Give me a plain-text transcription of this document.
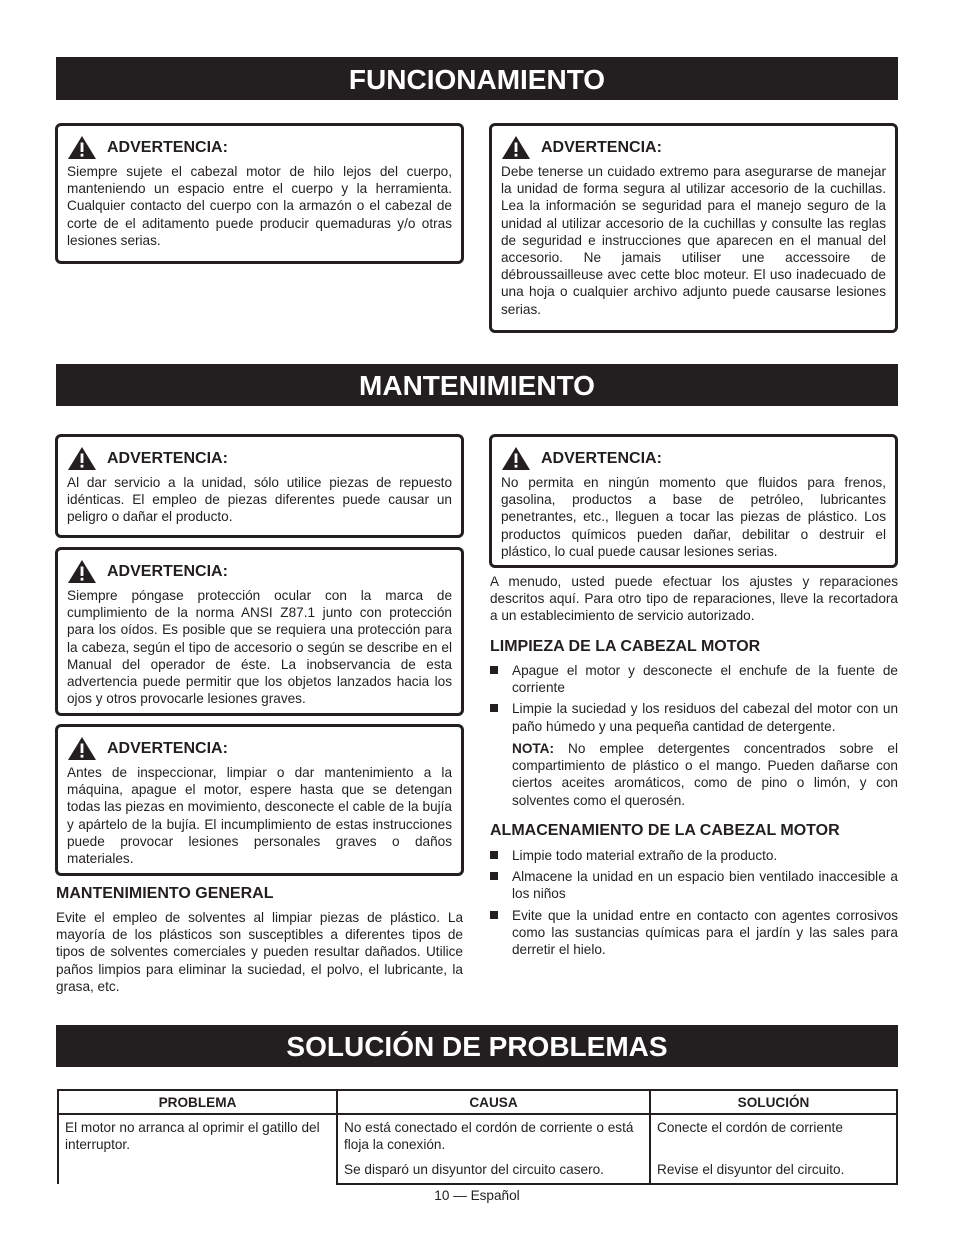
FUNCIONAMIENTO
ADVERTENCIA:
Siempre sujete el cabezal motor de hilo lejos del cuerpo, manteniendo un espacio entre el cuerpo y la herramienta. Cualquier contacto del cuerpo con la armazón o el cabezal de corte de el aditamento puede producir quemaduras y/o otras lesiones serias.
ADVERTENCIA:
Debe tenerse un cuidado extremo para asegurarse de manejar la unidad de forma segura al utilizar accesorio de la cuchillas. Lea la información se seguridad para el manejo seguro de la unidad al utilizar accesorio de la cuchillas y consulte las reglas de seguridad e instrucciones que aparecen en el manual del accesorio. Ne jamais utiliser une accessoire de débroussailleuse avec cette bloc moteur. El uso inadecuado de una hoja o cualquier archivo adjunto puede causarse lesiones serias.
MANTENIMIENTO
ADVERTENCIA:
Al dar servicio a la unidad, sólo utilice piezas de repuesto idénticas. El empleo de piezas diferentes puede causar un peligro o dañar el producto.
ADVERTENCIA:
Siempre póngase protección ocular con la marca de cumplimiento de la norma ANSI Z87.1 junto con protección para los oídos. Es posible que se requiera una protección para la cabeza, según el tipo de accesorio o según se describe en el Manual del operador de éste. La inobservancia de esta advertencia puede permitir que los objetos lanzados hacia los ojos y otros provocarle lesiones graves.
ADVERTENCIA:
Antes de inspeccionar, limpiar o dar mantenimiento a la máquina, apague el motor, espere hasta que se detengan todas las piezas en movimiento, desconecte el cable de la bujía y apártelo de la bujía. El incumplimiento de estas instrucciones puede provocar lesiones personales graves o daños materiales.
MANTENIMIENTO GENERAL
Evite el empleo de solventes al limpiar piezas de plástico. La mayoría de los plásticos son susceptibles a diferentes tipos de tipos de solventes comerciales y pueden resultar dañados. Utilice paños limpios para eliminar la suciedad, el polvo, el lubricante, la grasa, etc.
ADVERTENCIA:
No permita en ningún momento que fluidos para frenos, gasolina, productos a base de petróleo, lubricantes penetrantes, etc., lleguen a tocar las piezas de plástico. Los productos químicos pueden dañar, debilitar o destruir el plástico, lo cual puede causar lesiones serias.
A menudo, usted puede efectuar los ajustes y reparaciones descritos aquí. Para otro tipo de reparaciones, lleve la recortadora a un establecimiento de servicio autorizado.
LIMPIEZA DE LA CABEZAL MOTOR
Apague el motor y desconecte el enchufe de la fuente de corriente
Limpie la suciedad y los residuos del cabezal del motor con un paño húmedo y una pequeña cantidad de detergente.
NOTA: No emplee detergentes concentrados sobre el compartimiento de plástico o el mango. Pueden dañarse con ciertos aceites aromáticos, como de pino o limón, y con solventes como el querosén.
ALMACENAMIENTO DE LA CABEZAL MOTOR
Limpie todo material extraño de la producto.
Almacene la unidad en un espacio bien ventilado inaccesible a los niños
Evite que la unidad entre en contacto con agentes corrosivos como las sustancias químicas para el jardín y las sales para derretir el hielo.
SOLUCIÓN DE PROBLEMAS
PROBLEMA	CAUSA	SOLUCIÓN
El motor no arranca al oprimir el gatillo del interruptor.	No está conectado el cordón de corriente o está floja la conexión.	Conecte el cordón de corriente
	Se disparó un disyuntor del circuito casero.	Revise el disyuntor del circuito.
10 — Español
